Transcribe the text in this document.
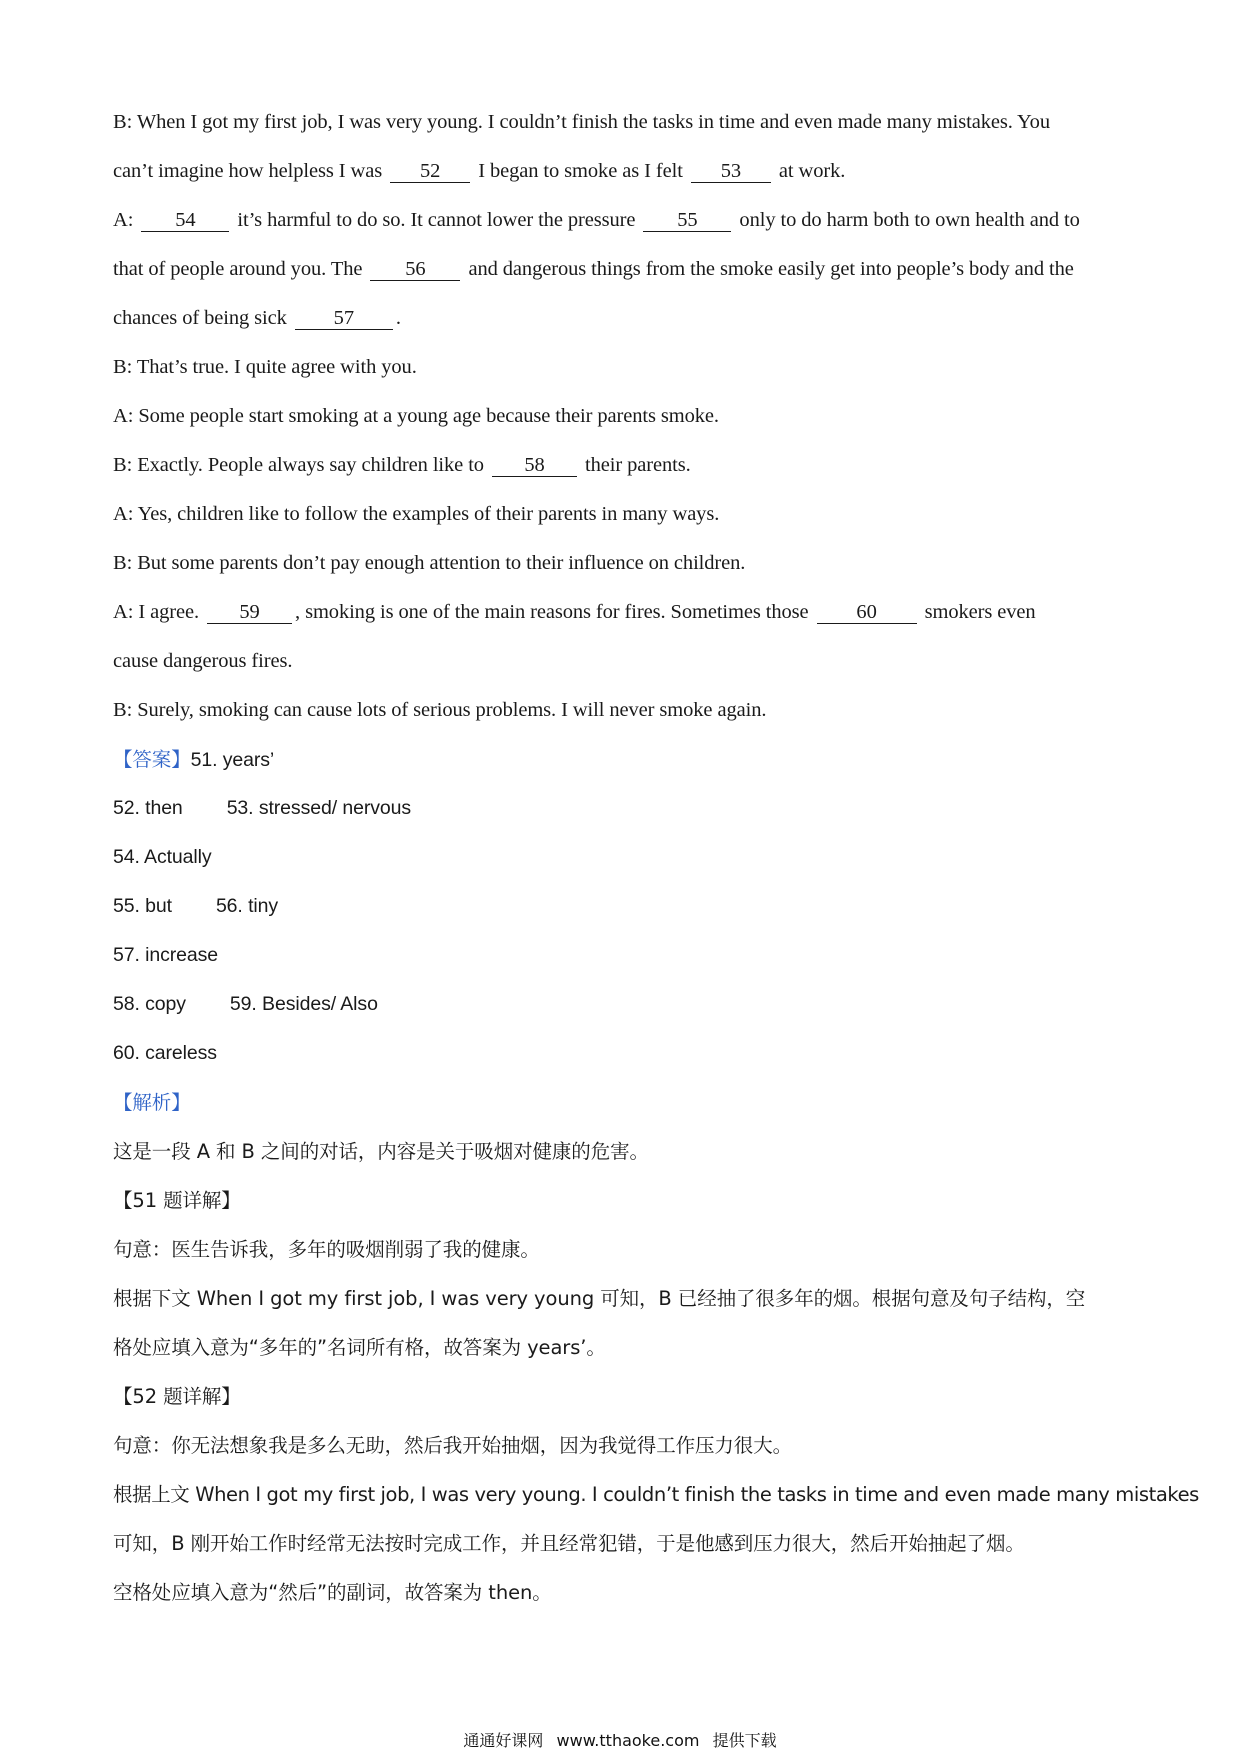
B: When I got my first job, I was very young. I couldn’t finish the tasks in time and even made many mistakes. You
can’t imagine how helpless I was 52 I began to smoke as I felt 53 at work.
A: 54 it’s harmful to do so. It cannot lower the pressure 55 only to do harm both to own health and to
that of people around you. The 56 and dangerous things from the smoke easily get into people’s body and the
chances of being sick 57 .
B: That’s true. I quite agree with you.
A: Some people start smoking at a young age because their parents smoke.
B: Exactly. People always say children like to 58 their parents.
A: Yes, children like to follow the examples of their parents in many ways.
B: But some parents don’t pay enough attention to their influence on children.
A: I agree. 59 , smoking is one of the main reasons for fires. Sometimes those 60 smokers even
cause dangerous fires.
B: Surely, smoking can cause lots of serious problems. I will never smoke again.
【答案】51. years’
52. then 53. stressed/ nervous
54. Actually
55. but 56. tiny
57. increase
58. copy 59. Besides/ Also
60. careless
【解析】
这是一段 A 和 B 之间的对话，内容是关于吸烟对健康的危害。
【51 题详解】
句意：医生告诉我，多年的吸烟削弱了我的健康。
根据下文 When I got my first job, I was very young 可知，B 已经抽了很多年的烟。根据句意及句子结构，空
格处应填入意为“多年的”名词所有格，故答案为 years’。
【52 题详解】
句意：你无法想象我是多么无助，然后我开始抽烟，因为我觉得工作压力很大。
根据上文 When I got my first job, I was very young. I couldn’t finish the tasks in time and even made many mistakes
可知，B 刚开始工作时经常无法按时完成工作，并且经常犯错，于是他感到压力很大，然后开始抽起了烟。
空格处应填入意为“然后”的副词，故答案为 then。
通通好课网 www.tthaoke.com 提供下载
